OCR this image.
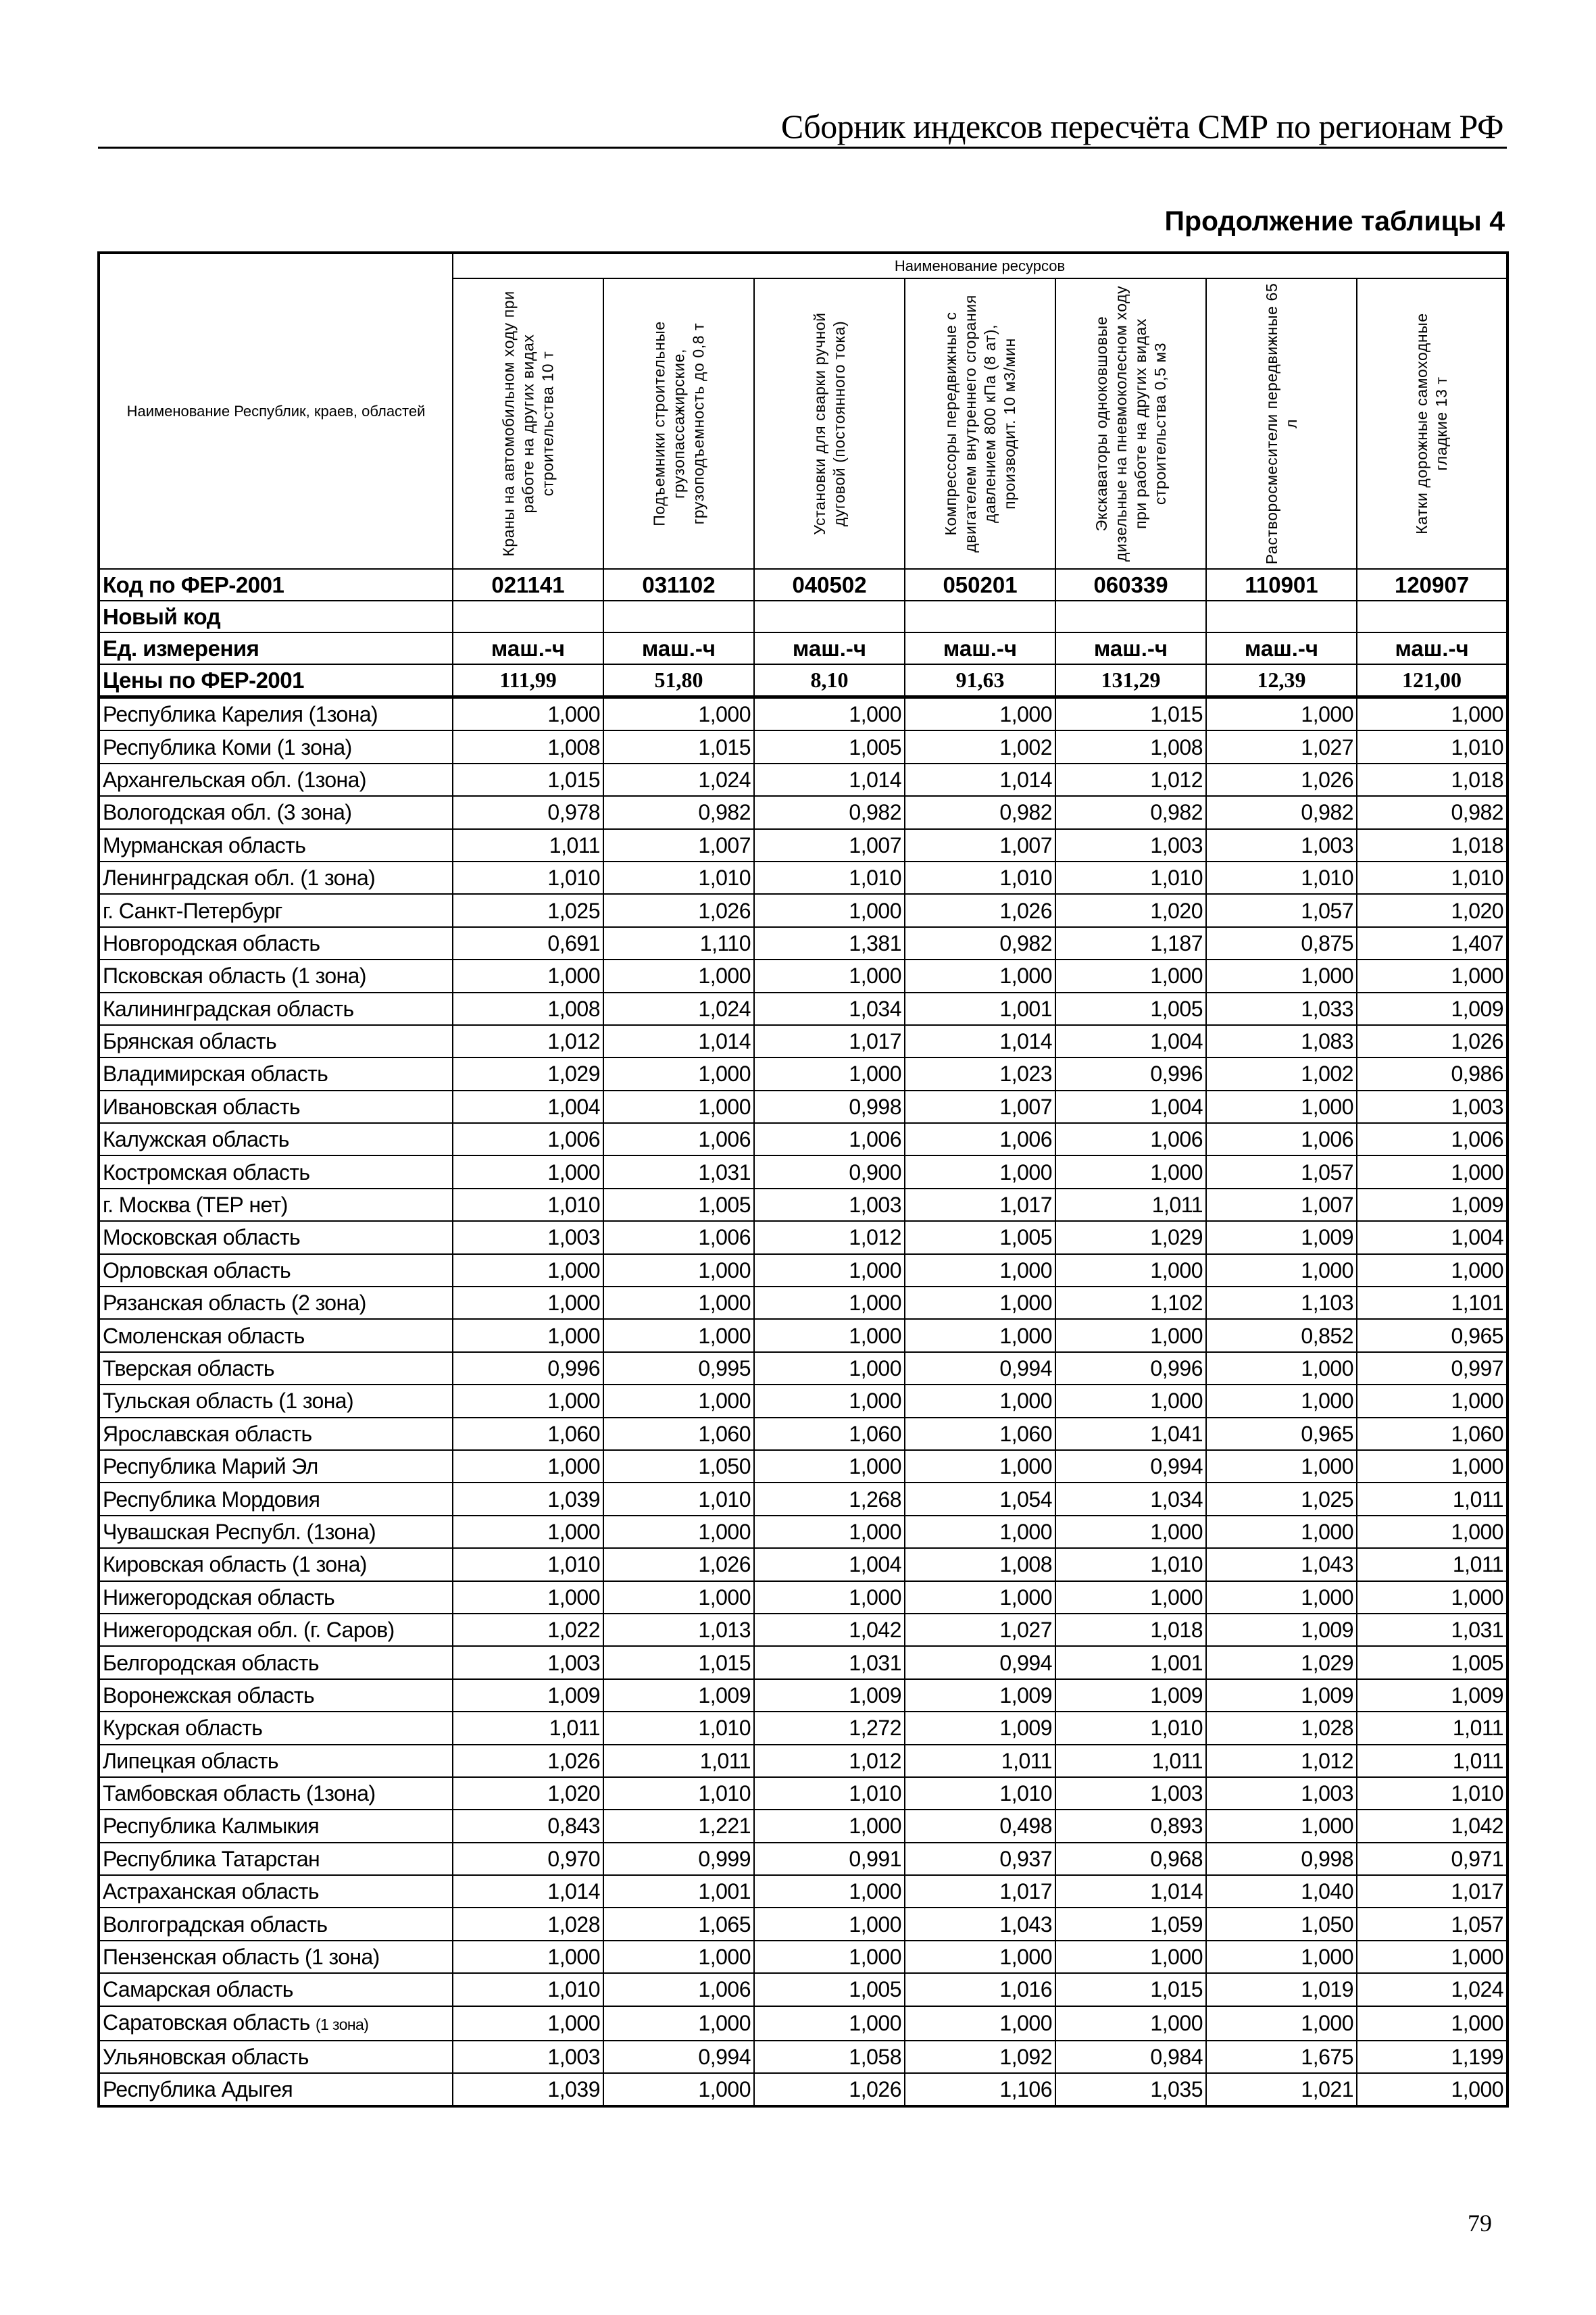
Сборник индексов пересчёта СМР по регионам РФ
Продолжение таблицы 4
Наименование Республик, краев, областей	Наименование ресурсов						

	Краны на автомобильном ходу при работе на других видах строительства 10 т	Подъемники строительные грузопассажирские, грузоподъемность до 0,8 т	Установки для сварки ручной дуговой (постоянного тока)	Компрессоры передвижные с двигателем внутреннего сгорания давлением 800 кПа (8 ат), производит. 10 м3/мин	Экскаваторы одноковшовые дизельные на пневмоколесном ходу при работе на других видах строительства 0,5 м3	Растворосмесители передвижные 65 л	Катки дорожные самоходные гладкие 13 т

Код по ФЕР-2001	021141	031102	040502	050201	060339	110901	120907
Новый код							
Ед. измерения	маш.-ч	маш.-ч	маш.-ч	маш.-ч	маш.-ч	маш.-ч	маш.-ч
Цены по ФЕР-2001	111,99	51,80	8,10	91,63	131,29	12,39	121,00
Республика Карелия (1зона)	1,000	1,000	1,000	1,000	1,015	1,000	1,000
Республика Коми (1 зона)	1,008	1,015	1,005	1,002	1,008	1,027	1,010
Архангельская обл. (1зона)	1,015	1,024	1,014	1,014	1,012	1,026	1,018
Вологодская обл. (3 зона)	0,978	0,982	0,982	0,982	0,982	0,982	0,982
Мурманская область	1,011	1,007	1,007	1,007	1,003	1,003	1,018
Ленинградская обл. (1 зона)	1,010	1,010	1,010	1,010	1,010	1,010	1,010
г. Санкт-Петербург	1,025	1,026	1,000	1,026	1,020	1,057	1,020
Новгородская область	0,691	1,110	1,381	0,982	1,187	0,875	1,407
Псковская область (1 зона)	1,000	1,000	1,000	1,000	1,000	1,000	1,000
Калининградская область	1,008	1,024	1,034	1,001	1,005	1,033	1,009
Брянская область	1,012	1,014	1,017	1,014	1,004	1,083	1,026
Владимирская область	1,029	1,000	1,000	1,023	0,996	1,002	0,986
Ивановская область	1,004	1,000	0,998	1,007	1,004	1,000	1,003
Калужская область	1,006	1,006	1,006	1,006	1,006	1,006	1,006
Костромская область	1,000	1,031	0,900	1,000	1,000	1,057	1,000
г. Москва (ТЕР нет)	1,010	1,005	1,003	1,017	1,011	1,007	1,009
Московская область	1,003	1,006	1,012	1,005	1,029	1,009	1,004
Орловская область	1,000	1,000	1,000	1,000	1,000	1,000	1,000
Рязанская область (2 зона)	1,000	1,000	1,000	1,000	1,102	1,103	1,101
Смоленская область	1,000	1,000	1,000	1,000	1,000	0,852	0,965
Тверская область	0,996	0,995	1,000	0,994	0,996	1,000	0,997
Тульская область (1 зона)	1,000	1,000	1,000	1,000	1,000	1,000	1,000
Ярославская область	1,060	1,060	1,060	1,060	1,041	0,965	1,060
Республика Марий Эл	1,000	1,050	1,000	1,000	0,994	1,000	1,000
Республика Мордовия	1,039	1,010	1,268	1,054	1,034	1,025	1,011
Чувашская Республ. (1зона)	1,000	1,000	1,000	1,000	1,000	1,000	1,000
Кировская область (1 зона)	1,010	1,026	1,004	1,008	1,010	1,043	1,011
Нижегородская область	1,000	1,000	1,000	1,000	1,000	1,000	1,000
Нижегородская обл. (г. Саров)	1,022	1,013	1,042	1,027	1,018	1,009	1,031
Белгородская область	1,003	1,015	1,031	0,994	1,001	1,029	1,005
Воронежская область	1,009	1,009	1,009	1,009	1,009	1,009	1,009
Курская область	1,011	1,010	1,272	1,009	1,010	1,028	1,011
Липецкая область	1,026	1,011	1,012	1,011	1,011	1,012	1,011
Тамбовская область (1зона)	1,020	1,010	1,010	1,010	1,003	1,003	1,010
Республика Калмыкия	0,843	1,221	1,000	0,498	0,893	1,000	1,042
Республика Татарстан	0,970	0,999	0,991	0,937	0,968	0,998	0,971
Астраханская область	1,014	1,001	1,000	1,017	1,014	1,040	1,017
Волгоградская область	1,028	1,065	1,000	1,043	1,059	1,050	1,057
Пензенская область (1 зона)	1,000	1,000	1,000	1,000	1,000	1,000	1,000
Самарская область	1,010	1,006	1,005	1,016	1,015	1,019	1,024
Саратовская область (1 зона)	1,000	1,000	1,000	1,000	1,000	1,000	1,000
Ульяновская область	1,003	0,994	1,058	1,092	0,984	1,675	1,199
Республика Адыгея	1,039	1,000	1,026	1,106	1,035	1,021	1,000
79
